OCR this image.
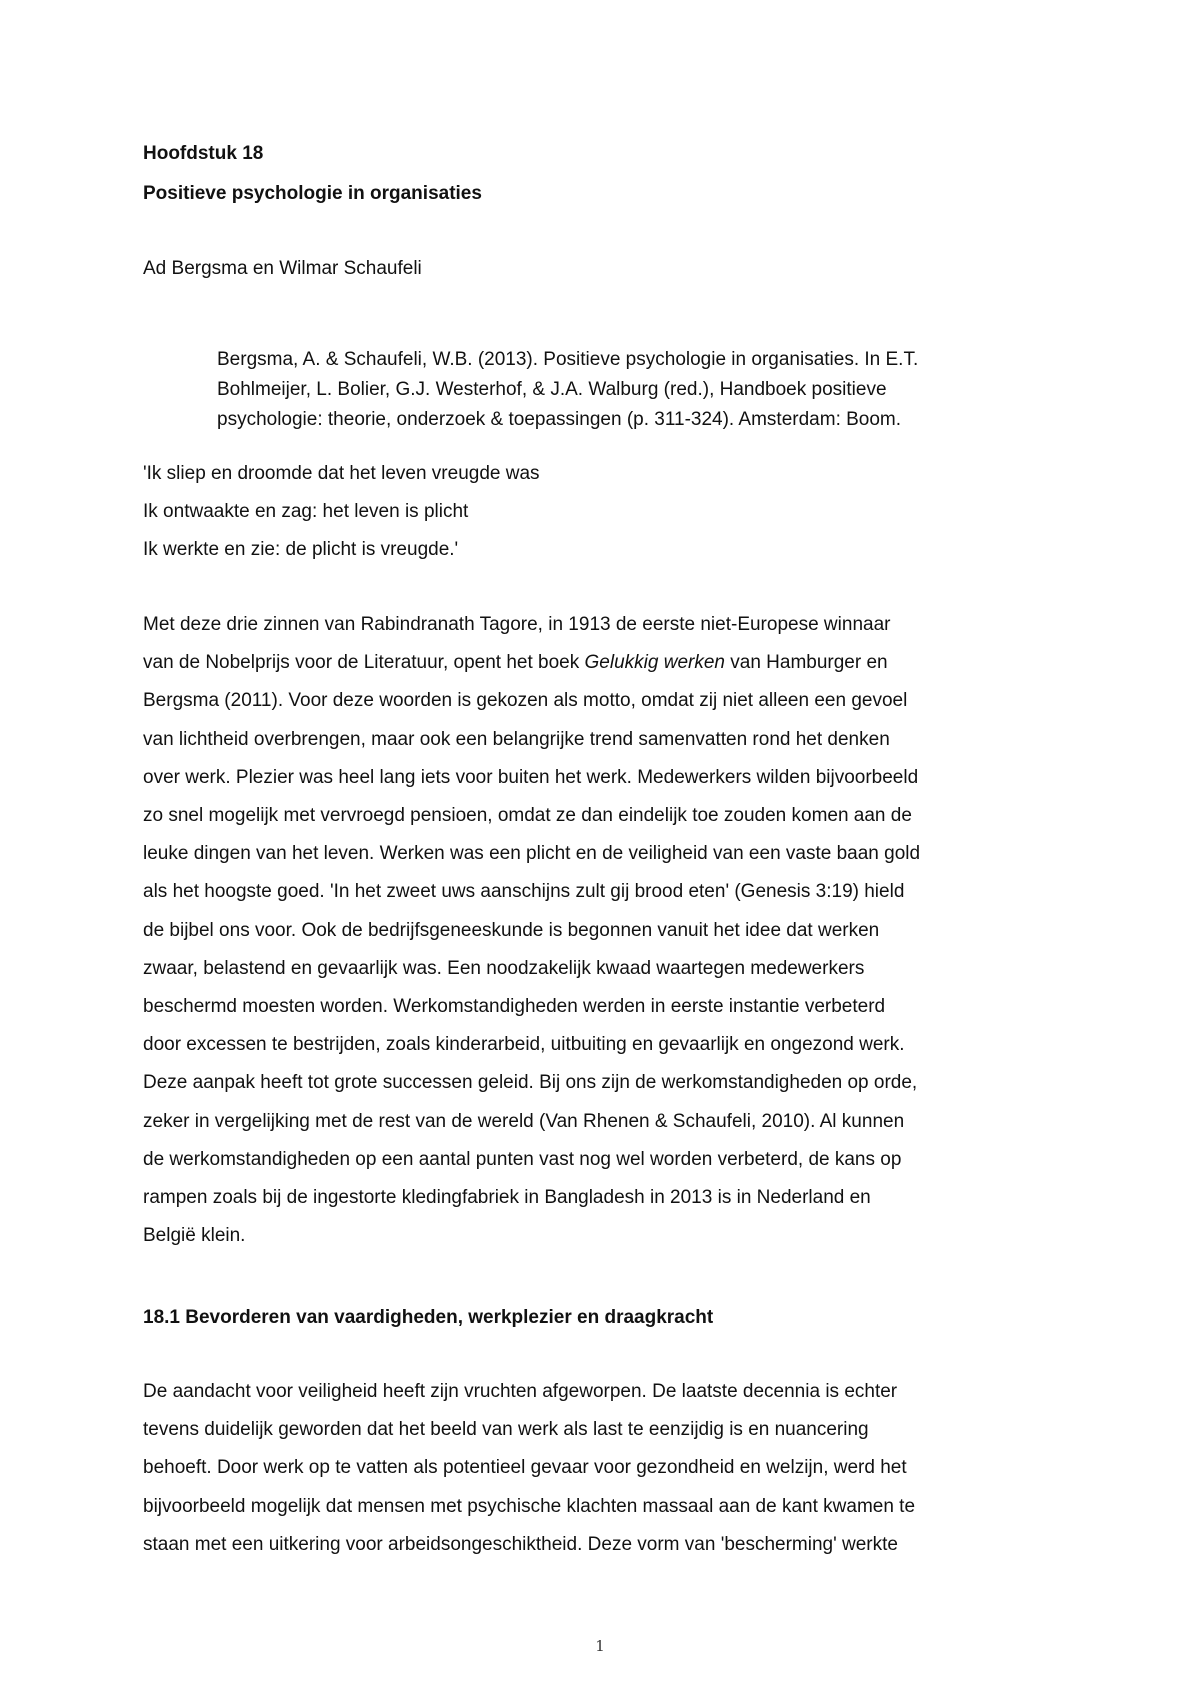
Hoofdstuk 18

Positieve psychologie in organisaties

Ad Bergsma en Wilmar Schaufeli

Bergsma, A. & Schaufeli, W.B. (2013). Positieve psychologie in organisaties. In E.T.
Bohlmeijer, L. Bolier, G.J. Westerhof, & J.A. Walburg (red.), Handboek positieve
psychologie: theorie, onderzoek & toepassingen (p. 311-324). Amsterdam: Boom.
'Ik sliep en droomde dat het leven vreugde was
Ik ontwaakte en zag: het leven is plicht
Ik werkte en zie: de plicht is vreugde.'
Met deze drie zinnen van Rabindranath Tagore, in 1913 de eerste niet-Europese winnaar
van de Nobelprijs voor de Literatuur, opent het boek Gelukkig werken van Hamburger en
Bergsma (2011). Voor deze woorden is gekozen als motto, omdat zij niet alleen een gevoel
van lichtheid overbrengen, maar ook een belangrijke trend samenvatten rond het denken
over werk. Plezier was heel lang iets voor buiten het werk. Medewerkers wilden bijvoorbeeld
zo snel mogelijk met vervroegd pensioen, omdat ze dan eindelijk toe zouden komen aan de
leuke dingen van het leven. Werken was een plicht en de veiligheid van een vaste baan gold
als het hoogste goed. 'In het zweet uws aanschijns zult gij brood eten' (Genesis 3:19) hield
de bijbel ons voor. Ook de bedrijfsgeneeskunde is begonnen vanuit het idee dat werken
zwaar, belastend en gevaarlijk was. Een noodzakelijk kwaad waartegen medewerkers
beschermd moesten worden. Werkomstandigheden werden in eerste instantie verbeterd
door excessen te bestrijden, zoals kinderarbeid, uitbuiting en gevaarlijk en ongezond werk.
Deze aanpak heeft tot grote successen geleid. Bij ons zijn de werkomstandigheden op orde,
zeker in vergelijking met de rest van de wereld (Van Rhenen & Schaufeli, 2010). Al kunnen
de werkomstandigheden op een aantal punten vast nog wel worden verbeterd, de kans op
rampen zoals bij de ingestorte kledingfabriek in Bangladesh in 2013 is in Nederland en
België klein.

18.1 Bevorderen van vaardigheden, werkplezier en draagkracht

De aandacht voor veiligheid heeft zijn vruchten afgeworpen. De laatste decennia is echter
tevens duidelijk geworden dat het beeld van werk als last te eenzijdig is en nuancering
behoeft. Door werk op te vatten als potentieel gevaar voor gezondheid en welzijn, werd het
bijvoorbeeld mogelijk dat mensen met psychische klachten massaal aan de kant kwamen te
staan met een uitkering voor arbeidsongeschiktheid. Deze vorm van 'bescherming' werkte

1
